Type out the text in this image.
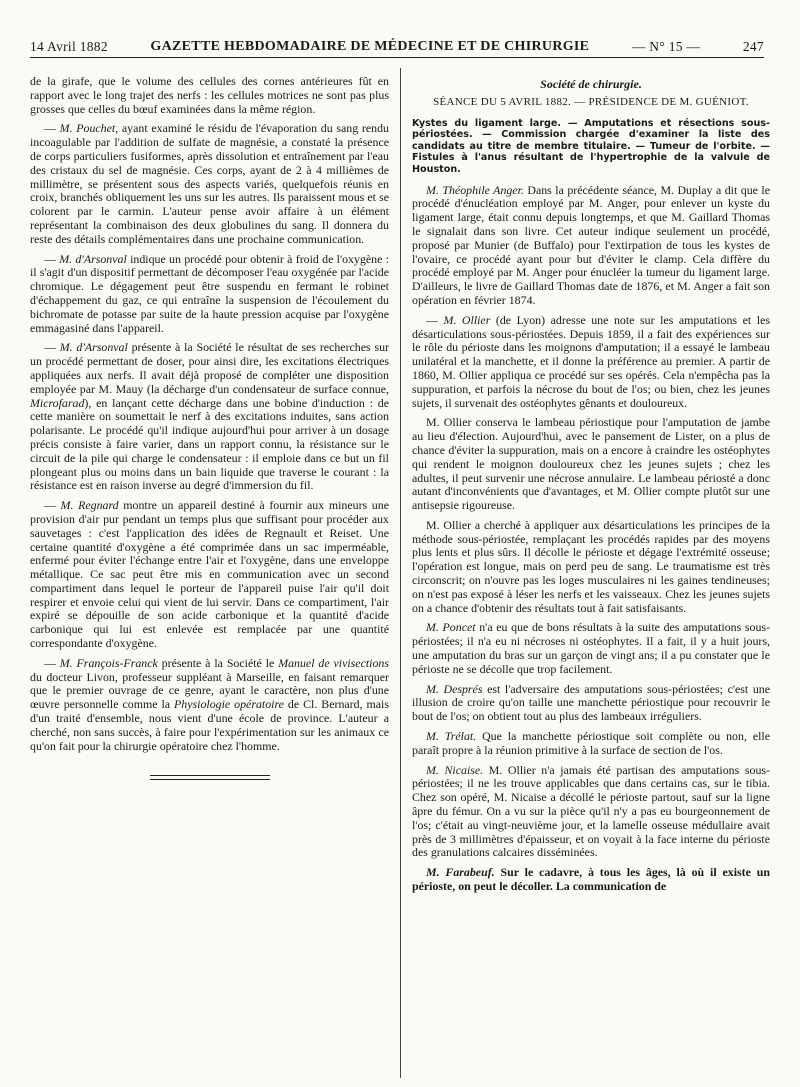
14 Avril 1882	GAZETTE HEBDOMADAIRE DE MÉDECINE ET DE CHIRURGIE	— N° 15 —	247

de la girafe, que le volume des cellules des cornes antérieures fût en rapport avec le long trajet des nerfs : les cellules motrices ne sont pas plus grosses que celles du bœuf examinées dans la même région.

— M. Pouchet, ayant examiné le résidu de l'évaporation du sang rendu incoagulable par l'addition de sulfate de magnésie, a constaté la présence de corps particuliers fusiformes, après dissolution et entraînement par l'eau des cristaux du sel de magnésie. Ces corps, ayant de 2 à 4 millièmes de millimètre, se présentent sous des aspects variés, quelquefois réunis en croix, branchés obliquement les uns sur les autres. Ils paraissent mous et se colorent par le carmin. L'auteur pense avoir affaire à un élément représentant la combinaison des deux globulines du sang. Il donnera du reste des détails complémentaires dans une prochaine communication.

— M. d'Arsonval indique un procédé pour obtenir à froid de l'oxygène : il s'agit d'un dispositif permettant de décomposer l'eau oxygénée par l'acide chromique. Le dégagement peut être suspendu en fermant le robinet d'échappement du gaz, ce qui entraîne la suspension de l'écoulement du bichromate de potasse par suite de la haute pression acquise par l'oxygène emmagasiné dans l'appareil.

— M. d'Arsonval présente à la Société le résultat de ses recherches sur un procédé permettant de doser, pour ainsi dire, les excitations électriques appliquées aux nerfs. Il avait déjà proposé de compléter une disposition employée par M. Mauy (la décharge d'un condensateur de surface connue, Microfarad), en lançant cette décharge dans une bobine d'induction : de cette manière on soumettait le nerf à des excitations induites, sans action polarisante. Le procédé qu'il indique aujourd'hui pour arriver à un dosage précis consiste à faire varier, dans un rapport connu, la résistance sur le circuit de la pile qui charge le condensateur : il emploie dans ce but un fil plongeant plus ou moins dans un bain liquide que traverse le courant : la résistance est en raison inverse au degré d'immersion du fil.

— M. Regnard montre un appareil destiné à fournir aux mineurs une provision d'air pur pendant un temps plus que suffisant pour procéder aux sauvetages : c'est l'application des idées de Regnault et Reiset. Une certaine quantité d'oxygène a été comprimée dans un sac imperméable, enfermé pour éviter l'échange entre l'air et l'oxygène, dans une enveloppe métallique. Ce sac peut être mis en communication avec un second compartiment dans lequel le porteur de l'appareil puise l'air qu'il doit respirer et envoie celui qui vient de lui servir. Dans ce compartiment, l'air expiré se dépouille de son acide carbonique et la quantité d'acide carbonique qui lui est enlevée est remplacée par une quantité correspondante d'oxygène.

— M. François-Franck présente à la Société le Manuel de vivisections du docteur Livon, professeur suppléant à Marseille, en faisant remarquer que le premier ouvrage de ce genre, ayant le caractère, non plus d'une œuvre personnelle comme la Physiologie opératoire de Cl. Bernard, mais d'un traité d'ensemble, nous vient d'une école de province. L'auteur a cherché, non sans succès, à faire pour l'expérimentation sur les animaux ce qu'on fait pour la chirurgie opératoire chez l'homme.

Société de chirurgie.

SÉANCE DU 5 AVRIL 1882. — PRÉSIDENCE DE M. GUÉNIOT.

Kystes du ligament large. — Amputations et résections sous-périostées. — Commission chargée d'examiner la liste des candidats au titre de membre titulaire. — Tumeur de l'orbite. — Fistules à l'anus résultant de l'hypertrophie de la valvule de Houston.

M. Théophile Anger. Dans la précédente séance, M. Duplay a dit que le procédé d'énucléation employé par M. Anger, pour enlever un kyste du ligament large, était connu depuis longtemps, et que M. Gaillard Thomas le signalait dans son livre. Cet auteur indique seulement un procédé, proposé par Munier (de Buffalo) pour l'extirpation de tous les kystes de l'ovaire, ce procédé ayant pour but d'éviter le clamp. Cela diffère du procédé employé par M. Anger pour énucléer la tumeur du ligament large. D'ailleurs, le livre de Gaillard Thomas date de 1876, et M. Anger a fait son opération en février 1874.

— M. Ollier (de Lyon) adresse une note sur les amputations et les désarticulations sous-périostées. Depuis 1859, il a fait des expériences sur le rôle du périoste dans les moignons d'amputation; il a essayé le lambeau unilatéral et la manchette, et il donne la préférence au premier. A partir de 1860, M. Ollier appliqua ce procédé sur ses opérés. Cela n'empêcha pas la suppuration, et parfois la nécrose du bout de l'os; ou bien, chez les jeunes sujets, il survenait des ostéophytes gênants et douloureux.

M. Ollier conserva le lambeau périostique pour l'amputation de jambe au lieu d'élection. Aujourd'hui, avec le pansement de Lister, on a plus de chance d'éviter la suppuration, mais on a encore à craindre les ostéophytes qui rendent le moignon douloureux chez les jeunes sujets ; chez les adultes, il peut survenir une nécrose annulaire. Le lambeau périosté a donc autant d'inconvénients que d'avantages, et M. Ollier compte plutôt sur une antisepsie rigoureuse.

M. Ollier a cherché à appliquer aux désarticulations les principes de la méthode sous-périostée, remplaçant les procédés rapides par des moyens plus lents et plus sûrs. Il décolle le périoste et dégage l'extrémité osseuse; l'opération est longue, mais on perd peu de sang. Le traumatisme est très circonscrit; on n'ouvre pas les loges musculaires ni les gaines tendineuses; on n'est pas exposé à léser les nerfs et les vaisseaux. Chez les jeunes sujets on a chance d'obtenir des résultats tout à fait satisfaisants.

M. Poncet n'a eu que de bons résultats à la suite des amputations sous-périostées; il n'a eu ni nécroses ni ostéophytes. Il a fait, il y a huit jours, une amputation du bras sur un garçon de vingt ans; il a pu constater que le périoste ne se décolle que trop facilement.

M. Després est l'adversaire des amputations sous-périostées; c'est une illusion de croire qu'on taille une manchette périostique pour recouvrir le bout de l'os; on obtient tout au plus des lambeaux irréguliers.

M. Trélat. Que la manchette périostique soit complète ou non, elle paraît propre à la réunion primitive à la surface de section de l'os.

M. Nicaise. M. Ollier n'a jamais été partisan des amputations sous-périostées; il ne les trouve applicables que dans certains cas, sur le tibia. Chez son opéré, M. Nicaise a décollé le périoste partout, sauf sur la ligne âpre du fémur. On a vu sur la pièce qu'il n'y a pas eu bourgeonnement de l'os; c'était au vingt-neuvième jour, et la lamelle osseuse médullaire avait près de 3 millimètres d'épaisseur, et on voyait à la face interne du périoste des granulations calcaires disséminées.

M. Farabeuf. Sur le cadavre, à tous les âges, là où il existe un périoste, on peut le décoller. La communication de
